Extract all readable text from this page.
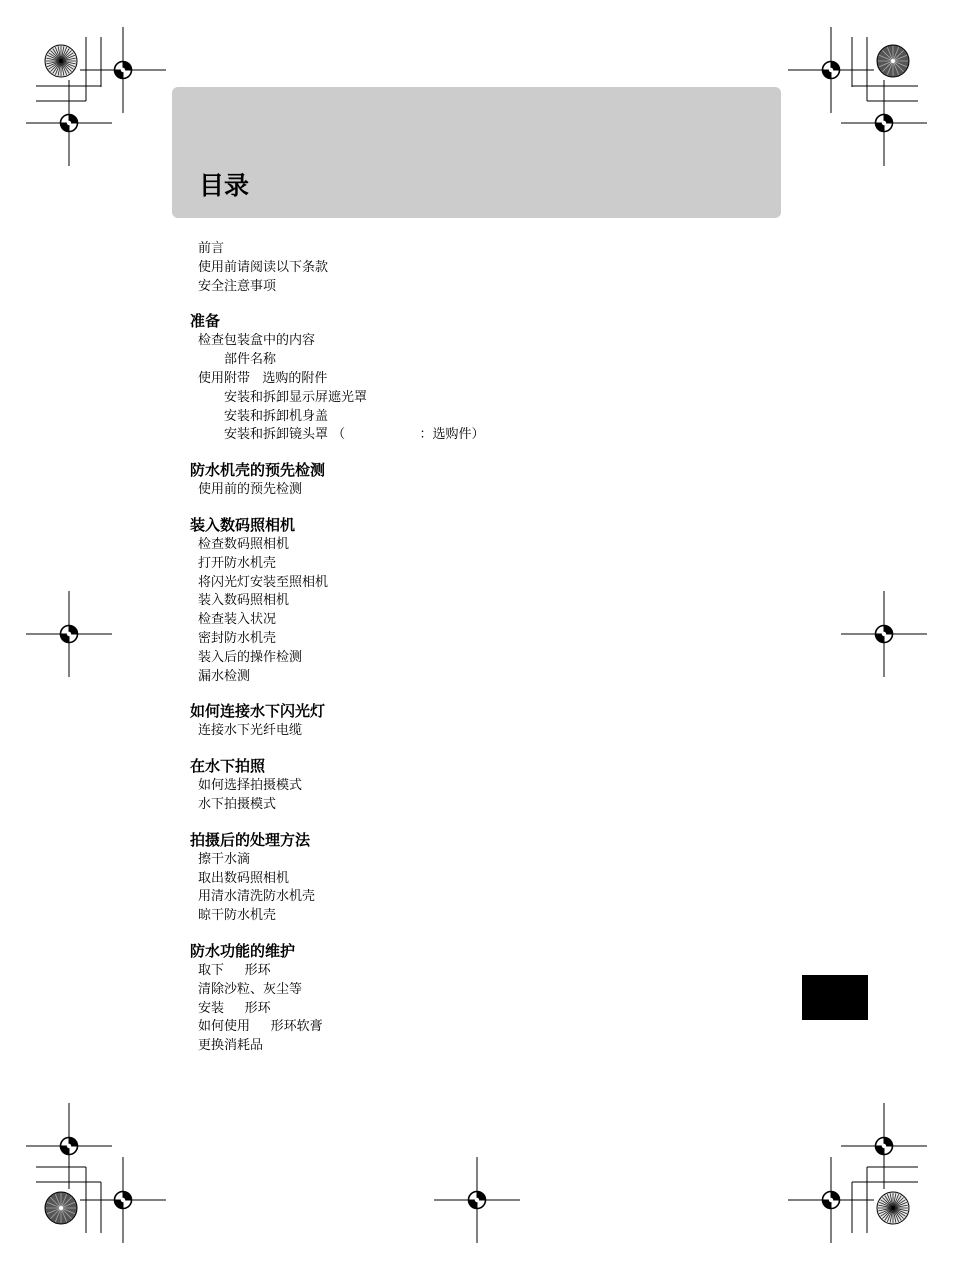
目录
前言
使用前请阅读以下条款
安全注意事项
准备
检查包装盒中的内容
部件名称
使用附带   选购的附件
安装和拆卸显示屏遮光罩
安装和拆卸机身盖
安装和拆卸镜头罩 （                  ：选购件）
防水机壳的预先检测
使用前的预先检测
装入数码照相机
检查数码照相机
打开防水机壳
将闪光灯安装至照相机
装入数码照相机
检查装入状况
密封防水机壳
装入后的操作检测
漏水检测
如何连接水下闪光灯
连接水下光纤电缆
在水下拍照
如何选择拍摄模式
水下拍摄模式
拍摄后的处理方法
擦干水滴
取出数码照相机
用清水清洗防水机壳
晾干防水机壳
防水功能的维护
取下     形环
清除沙粒、灰尘等
安装     形环
如何使用     形环软膏
更换消耗品
